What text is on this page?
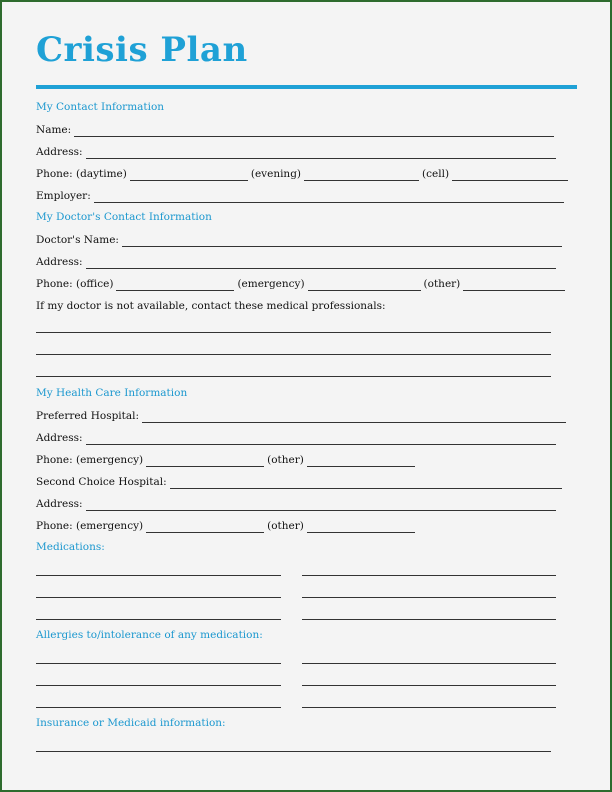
Crisis Plan
My Contact Information
Name:
Address:
Phone: (daytime)	(evening)	(cell)
Employer:
My Doctor's Contact Information
Doctor's Name:
Address:
Phone: (office)	(emergency)	(other)
If my doctor is not available, contact these medical professionals:
My Health Care Information
Preferred Hospital:
Address:
Phone: (emergency)	(other)
Second Choice Hospital:
Address:
Phone: (emergency)	(other)
Medications:
Allergies to/intolerance of any medication:
Insurance or Medicaid information:
